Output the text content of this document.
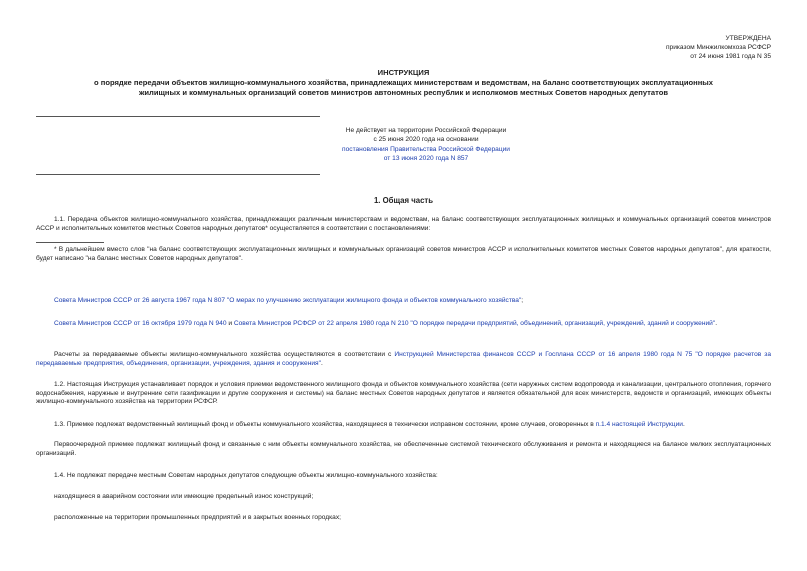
УТВЕРЖДЕНА
приказом Минжилкомхоза РСФСР
от 24 июня 1981 года N 35
ИНСТРУКЦИЯ
о порядке передачи объектов жилищно-коммунального хозяйства, принадлежащих министерствам и ведомствам, на баланс соответствующих эксплуатационных
жилищных и коммунальных организаций советов министров автономных республик и исполкомов местных Советов народных депутатов
Не действует на территории Российской Федерации
с 25 июня 2020 года на основании
постановления Правительства Российской Федерации
от 13 июня 2020 года N 857
1. Общая часть
1.1. Передача объектов жилищно-коммунального хозяйства, принадлежащих различным министерствам и ведомствам, на баланс соответствующих эксплуатационных жилищных и коммунальных организаций советов министров АССР и исполнительных комитетов местных Советов народных депутатов* осуществляется в соответствии с постановлениями:
* В дальнейшем вместо слов "на баланс соответствующих эксплуатационных жилищных и коммунальных организаций советов министров АССР и исполнительных комитетов местных Советов народных депутатов", для краткости, будет написано "на баланс местных Советов народных депутатов".
Совета Министров СССР от 26 августа 1967 года N 807 "О мерах по улучшению эксплуатации жилищного фонда и объектов коммунального хозяйства";
Совета Министров СССР от 16 октября 1979 года N 940 и Совета Министров РСФСР от 22 апреля 1980 года N 210 "О порядке передачи предприятий, объединений, организаций, учреждений, зданий и сооружений".
Расчеты за передаваемые объекты жилищно-коммунального хозяйства осуществляются в соответствии с Инструкцией Министерства финансов СССР и Госплана СССР от 16 апреля 1980 года N 75 "О порядке расчетов за передаваемые предприятия, объединения, организации, учреждения, здания и сооружения".
1.2. Настоящая Инструкция устанавливает порядок и условия приемки ведомственного жилищного фонда и объектов коммунального хозяйства (сети наружных систем водопровода и канализации, центрального отопления, горячего водоснабжения, наружные и внутренние сети газификации и другие сооружения и системы) на баланс местных Советов народных депутатов и является обязательной для всех министерств, ведомств и организаций, имеющих объекты жилищно-коммунального хозяйства на территории РСФСР.
1.3. Приемке подлежат ведомственный жилищный фонд и объекты коммунального хозяйства, находящиеся в технически исправном состоянии, кроме случаев, оговоренных в п.1.4 настоящей Инструкции.
Первоочередной приемке подлежат жилищный фонд и связанные с ним объекты коммунального хозяйства, не обеспеченные системой технического обслуживания и ремонта и находящиеся на балансе мелких эксплуатационных организаций.
1.4. Не подлежат передаче местным Советам народных депутатов следующие объекты жилищно-коммунального хозяйства:
находящиеся в аварийном состоянии или имеющие предельный износ конструкций;
расположенные на территории промышленных предприятий и в закрытых военных городках;
